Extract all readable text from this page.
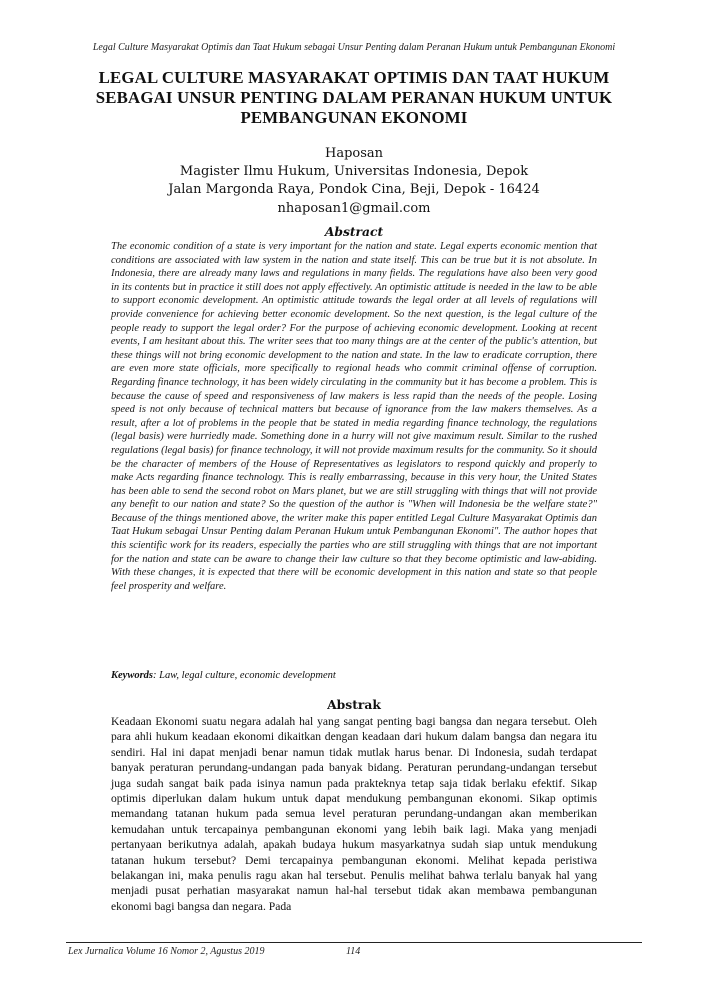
Legal Culture Masyarakat Optimis dan Taat Hukum sebagai Unsur Penting dalam Peranan Hukum untuk Pembangunan Ekonomi
LEGAL CULTURE MASYARAKAT OPTIMIS DAN TAAT HUKUM
SEBAGAI UNSUR PENTING DALAM PERANAN HUKUM UNTUK
PEMBANGUNAN EKONOMI
Haposan
Magister Ilmu Hukum, Universitas Indonesia, Depok
Jalan Margonda Raya, Pondok Cina, Beji, Depok - 16424
nhaposan1@gmail.com
Abstract

The economic condition of a state is very important for the nation and state. Legal experts economic mention that conditions are associated with law system in the nation and state itself. This can be true but it is not absolute. In Indonesia, there are already many laws and regulations in many fields. The regulations have also been very good in its contents but in practice it still does not apply effectively. An optimistic attitude is needed in the law to be able to support economic development. An optimistic attitude towards the legal order at all levels of regulations will provide convenience for achieving better economic development. So the next question, is the legal culture of the people ready to support the legal order? For the purpose of achieving economic development. Looking at recent events, I am hesitant about this. The writer sees that too many things are at the center of the public's attention, but these things will not bring economic development to the nation and state. In the law to eradicate corruption, there are even more state officials, more specifically to regional heads who commit criminal offense of corruption. Regarding finance technology, it has been widely circulating in the community but it has become a problem. This is because the cause of speed and responsiveness of law makers is less rapid than the needs of the people. Losing speed is not only because of technical matters but because of ignorance from the law makers themselves. As a result, after a lot of problems in the people that be stated in media regarding finance technology, the regulations (legal basis) were hurriedly made. Something done in a hurry will not give maximum result. Similar to the rushed regulations (legal basis) for finance technology, it will not provide maximum results for the community. So it should be the character of members of the House of Representatives as legislators to respond quickly and properly to make Acts regarding finance technology. This is really embarrassing, because in this very hour, the United States has been able to send the second robot on Mars planet, but we are still struggling with things that will not provide any benefit to our nation and state? So the question of the author is "When will Indonesia be the welfare state?" Because of the things mentioned above, the writer make this paper entitled Legal Culture Masyarakat Optimis dan Taat Hukum sebagai Unsur Penting dalam Peranan Hukum untuk Pembangunan Ekonomi". The author hopes that this scientific work for its readers, especially the parties who are still struggling with things that are not important for the nation and state can be aware to change their law culture so that they become optimistic and law-abiding. With these changes, it is expected that there will be economic development in this nation and state so that people feel prosperity and welfare.

Keywords: Law, legal culture, economic development

Abstrak

Keadaan Ekonomi suatu negara adalah hal yang sangat penting bagi bangsa dan negara tersebut. Oleh para ahli hukum keadaan ekonomi dikaitkan dengan keadaan dari hukum dalam bangsa dan negara itu sendiri. Hal ini dapat menjadi benar namun tidak mutlak harus benar. Di Indonesia, sudah terdapat banyak peraturan perundang-undangan pada banyak bidang. Peraturan perundang-undangan tersebut juga sudah sangat baik pada isinya namun pada prakteknya tetap saja tidak berlaku efektif. Sikap optimis diperlukan dalam hukum untuk dapat mendukung pembangunan ekonomi. Sikap optimis memandang tatanan hukum pada semua level peraturan perundang-undangan akan memberikan kemudahan untuk tercapainya pembangunan ekonomi yang lebih baik lagi. Maka yang menjadi pertanyaan berikutnya adalah, apakah budaya hukum masyarkatnya sudah siap untuk mendukung tatanan hukum tersebut? Demi tercapainya pembangunan ekonomi. Melihat kepada peristiwa belakangan ini, maka penulis ragu akan hal tersebut. Penulis melihat bahwa terlalu banyak hal yang menjadi pusat perhatian masyarakat namun hal-hal tersebut tidak akan membawa pembangunan ekonomi bagi bangsa dan negara. Pada

Lex Jurnalica Volume 16 Nomor 2, Agustus 2019	114
